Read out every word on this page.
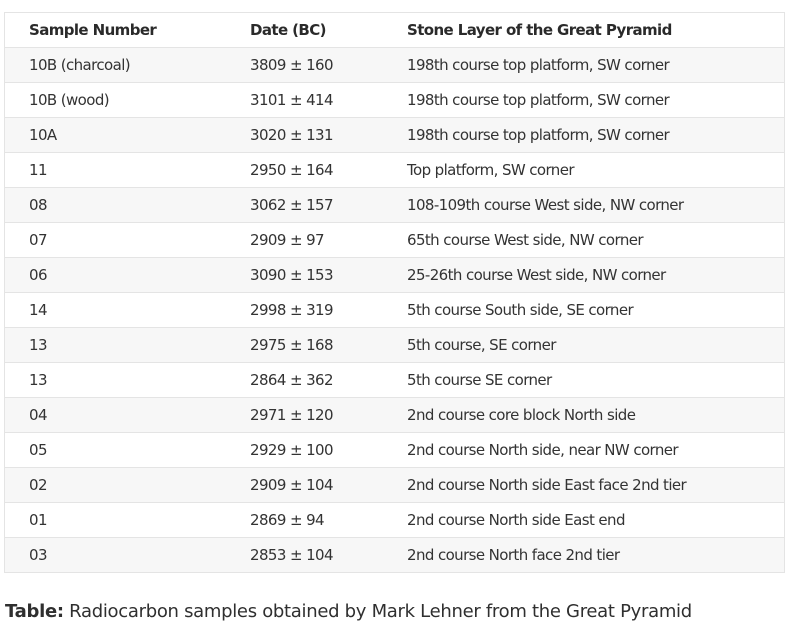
Sample Number	Date (BC)	Stone Layer of the Great Pyramid
10B (charcoal)	3809 ± 160	198th course top platform, SW corner
10B (wood)	3101 ± 414	198th course top platform, SW corner
10A	3020 ± 131	198th course top platform, SW corner
11	2950 ± 164	Top platform, SW corner
08	3062 ± 157	108-109th course West side, NW corner
07	2909 ± 97	65th course West side, NW corner
06	3090 ± 153	25-26th course West side, NW corner
14	2998 ± 319	5th course South side, SE corner
13	2975 ± 168	5th course, SE corner
13	2864 ± 362	5th course SE corner
04	2971 ± 120	2nd course core block North side
05	2929 ± 100	2nd course North side, near NW corner
02	2909 ± 104	2nd course North side East face 2nd tier
01	2869 ± 94	2nd course North side East end
03	2853 ± 104	2nd course North face 2nd tier
Table: Radiocarbon samples obtained by Mark Lehner from the Great Pyramid
